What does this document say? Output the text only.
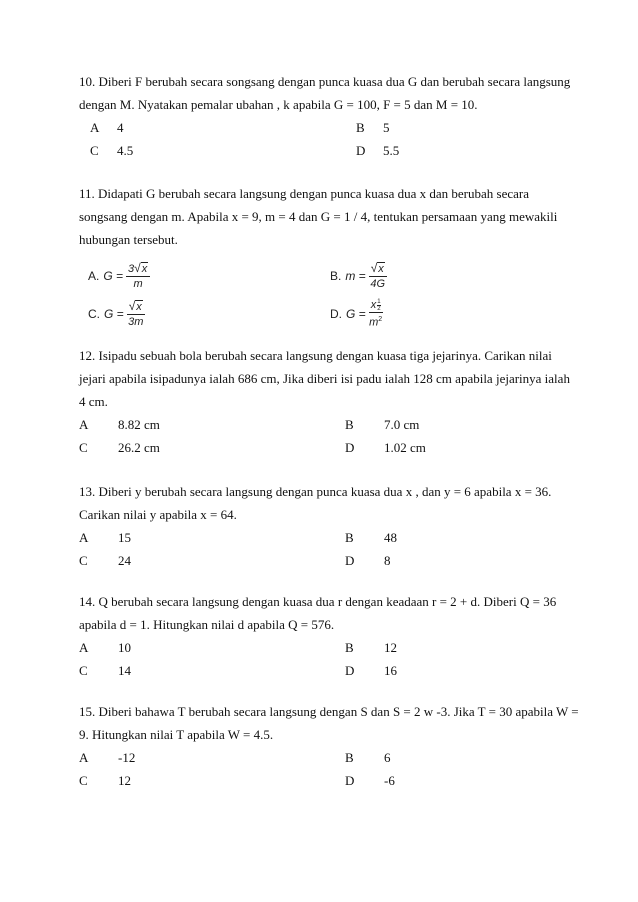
10. Diberi F berubah secara songsang dengan punca kuasa dua G dan berubah secara langsung dengan M. Nyatakan pemalar ubahan , k apabila G = 100, F = 5 dan M = 10.

A 4	B 5
C 4.5	D 5.5

11. Didapati G berubah secara langsung dengan punca kuasa dua x dan berubah secara songsang dengan m. Apabila x = 9, m = 4 dan G = 1 / 4, tentukan persamaan yang mewakili hubungan tersebut.

A. $G = \frac{3 √ x}{m}$	B. $m = \frac{√ x}{4G}$
C. $G = \frac{√ x}{3m}$	D. $G = \frac{x \frac{1}{2}}{m^2}$

12. Isipadu sebuah bola berubah secara langsung dengan kuasa tiga jejarinya. Carikan nilai jejari apabila isipadunya ialah 686 cm, Jika diberi isi padu ialah 128 cm apabila jejarinya ialah 4 cm.

A 8.82 cm	B 7.0 cm
C 26.2 cm	D 1.02 cm

13. Diberi y berubah secara langsung dengan punca kuasa dua x , dan y = 6 apabila x = 36. Carikan nilai y apabila x = 64.

A 15	B 48
C 24	D 8

14. Q berubah secara langsung dengan kuasa dua r dengan keadaan r = 2 + d. Diberi Q = 36 apabila d = 1. Hitungkan nilai d apabila Q = 576.

A 10	B 12
C 14	D 16

15. Diberi bahawa T berubah secara langsung dengan S dan S = 2 w -3. Jika T = 30 apabila W = 9. Hitungkan nilai T apabila W = 4.5.

A -12	B 6
C 12	D -6
